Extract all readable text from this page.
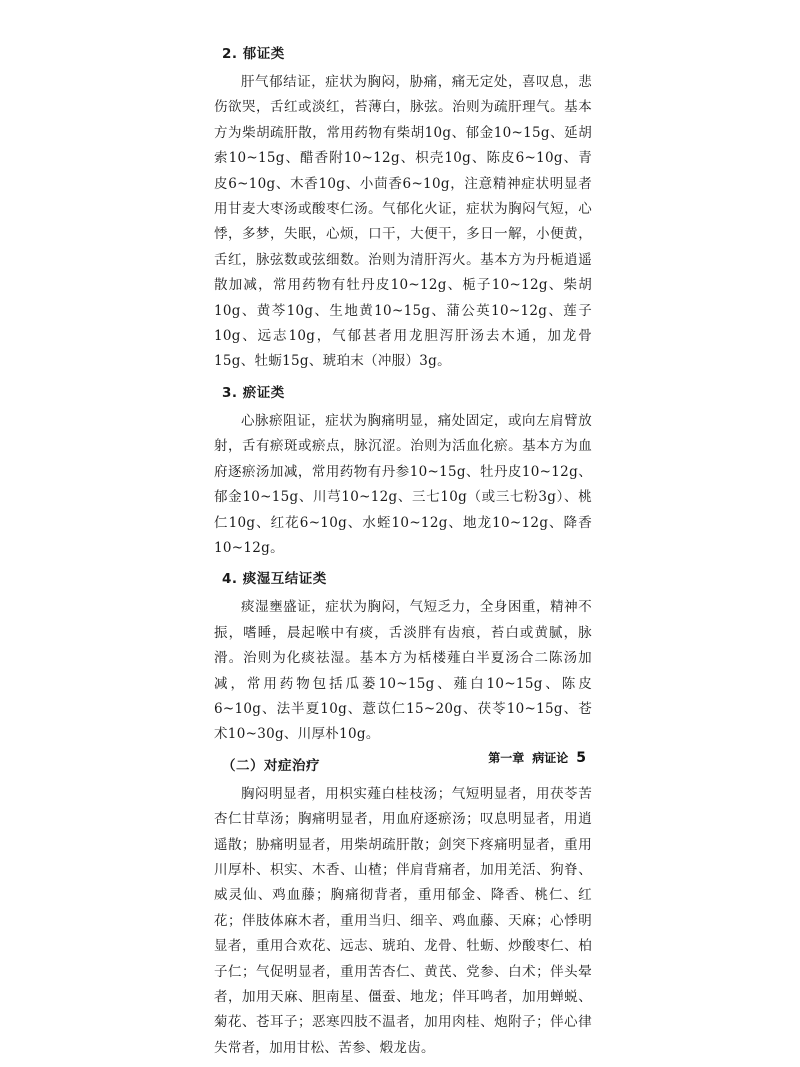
2. 郁证类

肝气郁结证，症状为胸闷，胁痛，痛无定处，喜叹息，悲伤欲哭，舌红或淡红，苔薄白，脉弦。治则为疏肝理气。基本方为柴胡疏肝散，常用药物有柴胡10g、郁金10~15g、延胡索10~15g、醋香附10~12g、枳壳10g、陈皮6~10g、青皮6~10g、木香10g、小茴香6~10g，注意精神症状明显者用甘麦大枣汤或酸枣仁汤。气郁化火证，症状为胸闷气短，心悸，多梦，失眠，心烦，口干，大便干，多日一解，小便黄，舌红，脉弦数或弦细数。治则为清肝泻火。基本方为丹栀逍遥散加减，常用药物有牡丹皮10~12g、栀子10~12g、柴胡10g、黄芩10g、生地黄10~15g、蒲公英10~12g、莲子10g、远志10g，气郁甚者用龙胆泻肝汤去木通，加龙骨15g、牡蛎15g、琥珀末（冲服）3g。

3. 瘀证类

心脉瘀阻证，症状为胸痛明显，痛处固定，或向左肩臂放射，舌有瘀斑或瘀点，脉沉涩。治则为活血化瘀。基本方为血府逐瘀汤加减，常用药物有丹参10~15g、牡丹皮10~12g、郁金10~15g、川芎10~12g、三七10g（或三七粉3g）、桃仁10g、红花6~10g、水蛭10~12g、地龙10~12g、降香10~12g。

4. 痰湿互结证类

痰湿壅盛证，症状为胸闷，气短乏力，全身困重，精神不振，嗜睡，晨起喉中有痰，舌淡胖有齿痕，苔白或黄腻，脉滑。治则为化痰祛湿。基本方为栝楼薤白半夏汤合二陈汤加减，常用药物包括瓜蒌10~15g、薤白10~15g、陈皮6~10g、法半夏10g、薏苡仁15~20g、茯苓10~15g、苍术10~30g、川厚朴10g。

（二）对症治疗

胸闷明显者，用枳实薤白桂枝汤；气短明显者，用茯苓苦杏仁甘草汤；胸痛明显者，用血府逐瘀汤；叹息明显者，用逍遥散；胁痛明显者，用柴胡疏肝散；剑突下疼痛明显者，重用川厚朴、枳实、木香、山楂；伴肩背痛者，加用羌活、狗脊、威灵仙、鸡血藤；胸痛彻背者，重用郁金、降香、桃仁、红花；伴肢体麻木者，重用当归、细辛、鸡血藤、天麻；心悸明显者，重用合欢花、远志、琥珀、龙骨、牡蛎、炒酸枣仁、柏子仁；气促明显者，重用苦杏仁、黄芪、党参、白术；伴头晕者，加用天麻、胆南星、僵蚕、地龙；伴耳鸣者，加用蝉蜕、菊花、苍耳子；恶寒四肢不温者，加用肉桂、炮附子；伴心律失常者，加用甘松、苦参、煅龙齿。

第一章 病证论 5
